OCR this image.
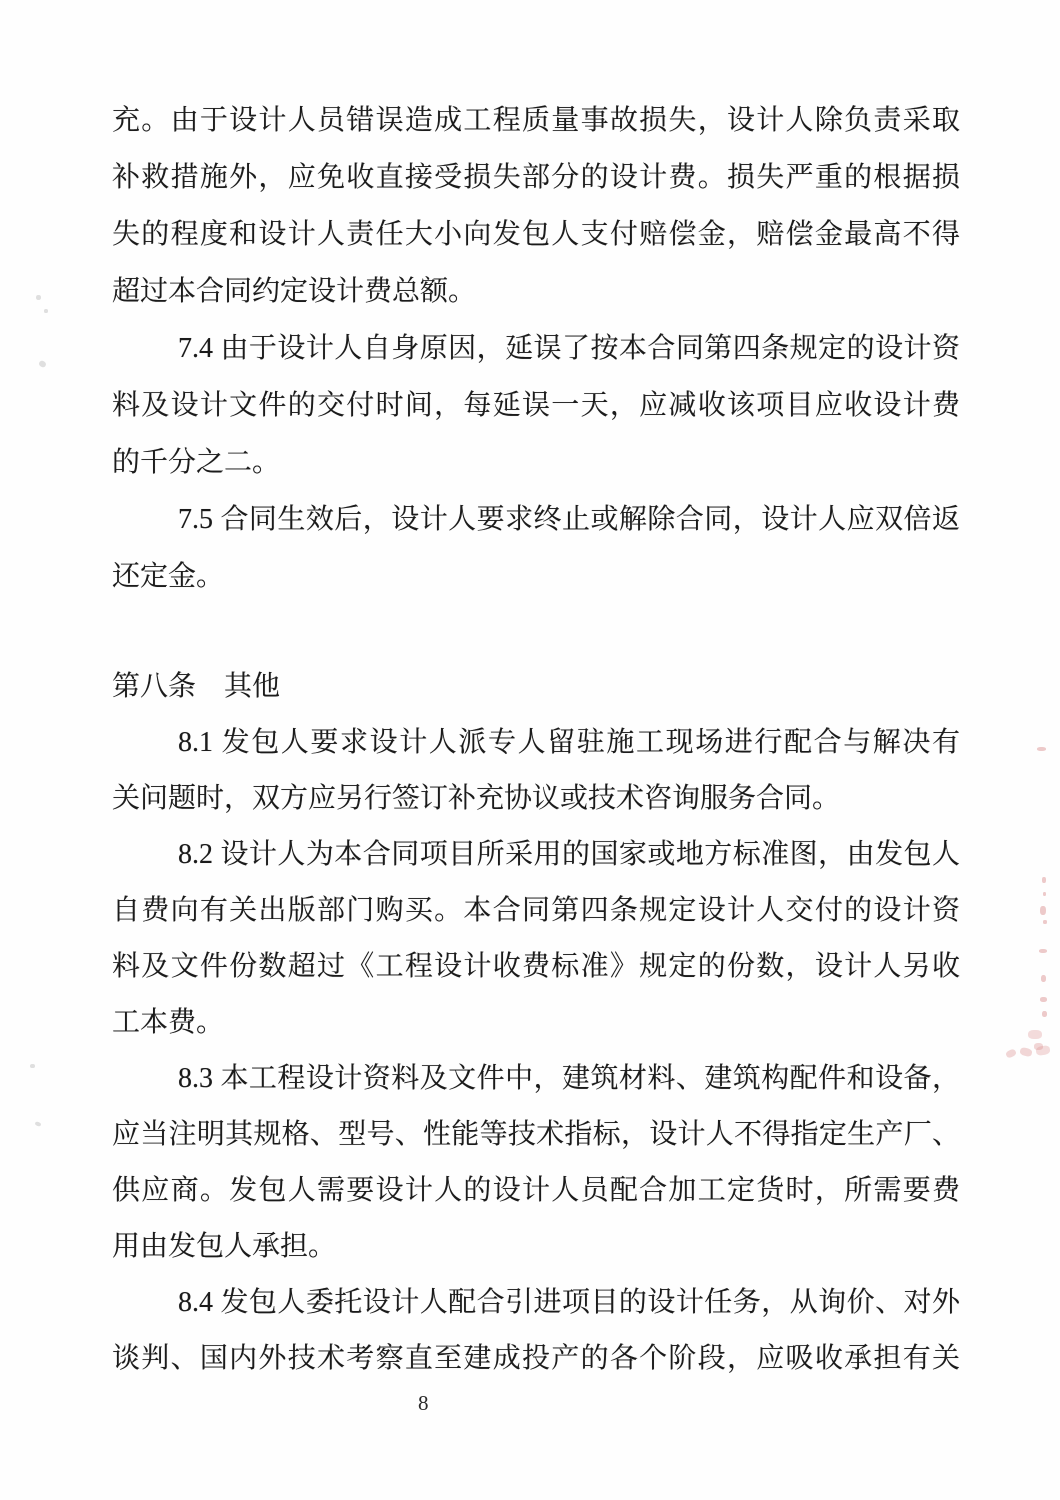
充。由于设计人员错误造成工程质量事故损失，设计人除负责采取
补救措施外，应免收直接受损失部分的设计费。损失严重的根据损
失的程度和设计人责任大小向发包人支付赔偿金，赔偿金最高不得
超过本合同约定设计费总额。
7.4 由于设计人自身原因，延误了按本合同第四条规定的设计资
料及设计文件的交付时间，每延误一天，应减收该项目应收设计费
的千分之二。
7.5 合同生效后，设计人要求终止或解除合同，设计人应双倍返
还定金。
第八条　其他
8.1 发包人要求设计人派专人留驻施工现场进行配合与解决有
关问题时，双方应另行签订补充协议或技术咨询服务合同。
8.2 设计人为本合同项目所采用的国家或地方标准图，由发包人
自费向有关出版部门购买。本合同第四条规定设计人交付的设计资
料及文件份数超过《工程设计收费标准》规定的份数，设计人另收
工本费。
8.3 本工程设计资料及文件中，建筑材料、建筑构配件和设备，
应当注明其规格、型号、性能等技术指标，设计人不得指定生产厂、
供应商。发包人需要设计人的设计人员配合加工定货时，所需要费
用由发包人承担。
8.4 发包人委托设计人配合引进项目的设计任务，从询价、对外
谈判、国内外技术考察直至建成投产的各个阶段，应吸收承担有关
8
